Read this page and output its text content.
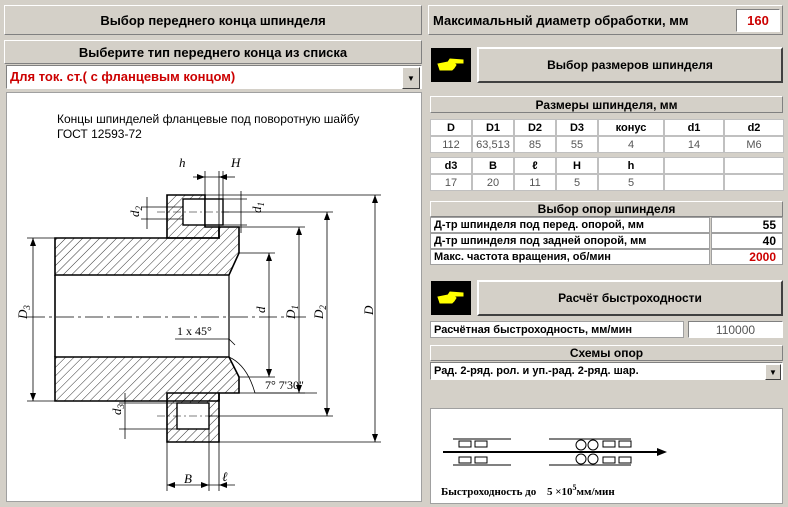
Выбор переднего конца шпинделя
Выберите тип переднего конца из списка
Для ток. ст.( с фланцевым концом)	▼
Концы шпинделей фланцевые под поворотную шайбу
ГОСТ 12593-72
h	H
$d_2$	$d_1$
$D_3$	d $D_1$
$D_2$	D
$d_3$
B ℓ
1 x 45°
7° 7'30"
Максимальный диаметр обработки, мм	160
Выбор размеров шпинделя
Размеры шпинделя, мм
D	D1	D2	D3	конус	d1	d2
112	63,513	85	55	4	14	M6
d3	B	ℓ	H	h
17	20	11	5	5
Выбор опор шпинделя
Д-тр шпинделя под перед. опорой, мм	55
Д-тр шпинделя под задней опорой, мм	40
Макс. частота вращения, об/мин	2000
Расчёт быстроходности
Расчётная быстроходность, мм/мин	110000
Схемы опор
Рад. 2-ряд. рол. и уп.-рад. 2-ряд. шар.	▼
Быстроходность до $5 \times 10^5мм$/мин
